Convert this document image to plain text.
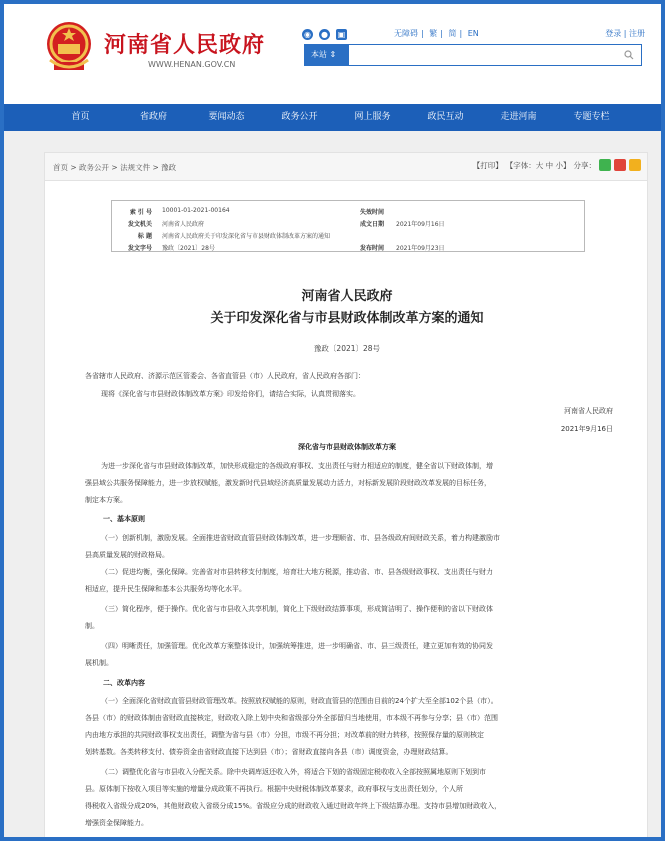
河南省人民政府
WWW.HENAN.GOV.CN
◉ ● ▣	无障碍 | 繁 | 简 | EN	登录 | 注册
本站 ⇕
首页	省政府	要闻动态	政务公开	网上服务	政民互动	走进河南	专题专栏
首页 > 政务公开 > 法规文件 > 豫政	【打印】 【字体：大 中 小】 分享：
索 引 号 10001-01-2021-00164	失效时间
发文机关 河南省人民政府	成文日期 2021年09月16日
标 题 河南省人民政府关于印发深化省与市县财政体制改革方案的通知
发文字号 豫政〔2021〕28号	发布时间 2021年09月23日
河南省人民政府
关于印发深化省与市县财政体制改革方案的通知
豫政〔2021〕28号
各省辖市人民政府、济源示范区管委会、各省直管县（市）人民政府，省人民政府各部门：
现将《深化省与市县财政体制改革方案》印发给你们，请结合实际，认真贯彻落实。
河南省人民政府
2021年9月16日
深化省与市县财政体制改革方案
为进一步深化省与市县财政体制改革，加快形成稳定的各级政府事权、支出责任与财力相适应的制度，健全省以下财政体制，增
强县域公共服务保障能力，进一步放权赋能，激发新时代县域经济高质量发展动力活力，对标新发展阶段财政改革发展的目标任务，
制定本方案。
一、基本原则
（一）创新机制，激励发展。全面推进省财政直管县财政体制改革，进一步理顺省、市、县各级政府间财政关系，着力构建激励市
县高质量发展的财政格局。
（二）促进均衡，强化保障。完善省对市县转移支付制度，培育壮大地方税源，推动省、市、县各级财政事权、支出责任与财力
相适应，提升民生保障和基本公共服务均等化水平。
（三）简化程序，便于操作。优化省与市县收入共享机制，简化上下级财政结算事项，形成简洁明了、操作便利的省以下财政体
制。
（四）明晰责任，加强管理。优化改革方案整体设计，加强统筹推进，进一步明确省、市、县三级责任，建立更加有效的协同发
展机制。
二、改革内容
（一）全面深化省财政直管县财政管理改革。按照放权赋能的原则，财政直管县的范围由目前的24个扩大至全部102个县（市）。
各县（市）的财政体制由省财政直接核定，财政收入除上划中央和省级部分外全部留归当地使用，市本级不再参与分享；县（市）范围
内由地方承担的共同财政事权支出责任，调整为省与县（市）分担，市级不再分担；对改革前的财力转移，按照保存量的原则核定
划转基数。各类转移支付、债券资金由省财政直接下达到县（市）；省财政直接向各县（市）调度资金，办理财政结算。
（二）调整优化省与市县收入分配关系。除中央调库返还收入外，将适合下划的省级固定税收收入全部按照属地原则下划到市
县。原体制下按收入项目等实施的增量分成政策不再执行。根据中央财税体制改革要求，政府事权与支出责任划分，个人所
得税收入省级分成20%，其他财政收入省级分成15%。省级应分成的财政收入通过财政年终上下级结算办理。支持市县增加财政收入，
增强资金保障能力。
